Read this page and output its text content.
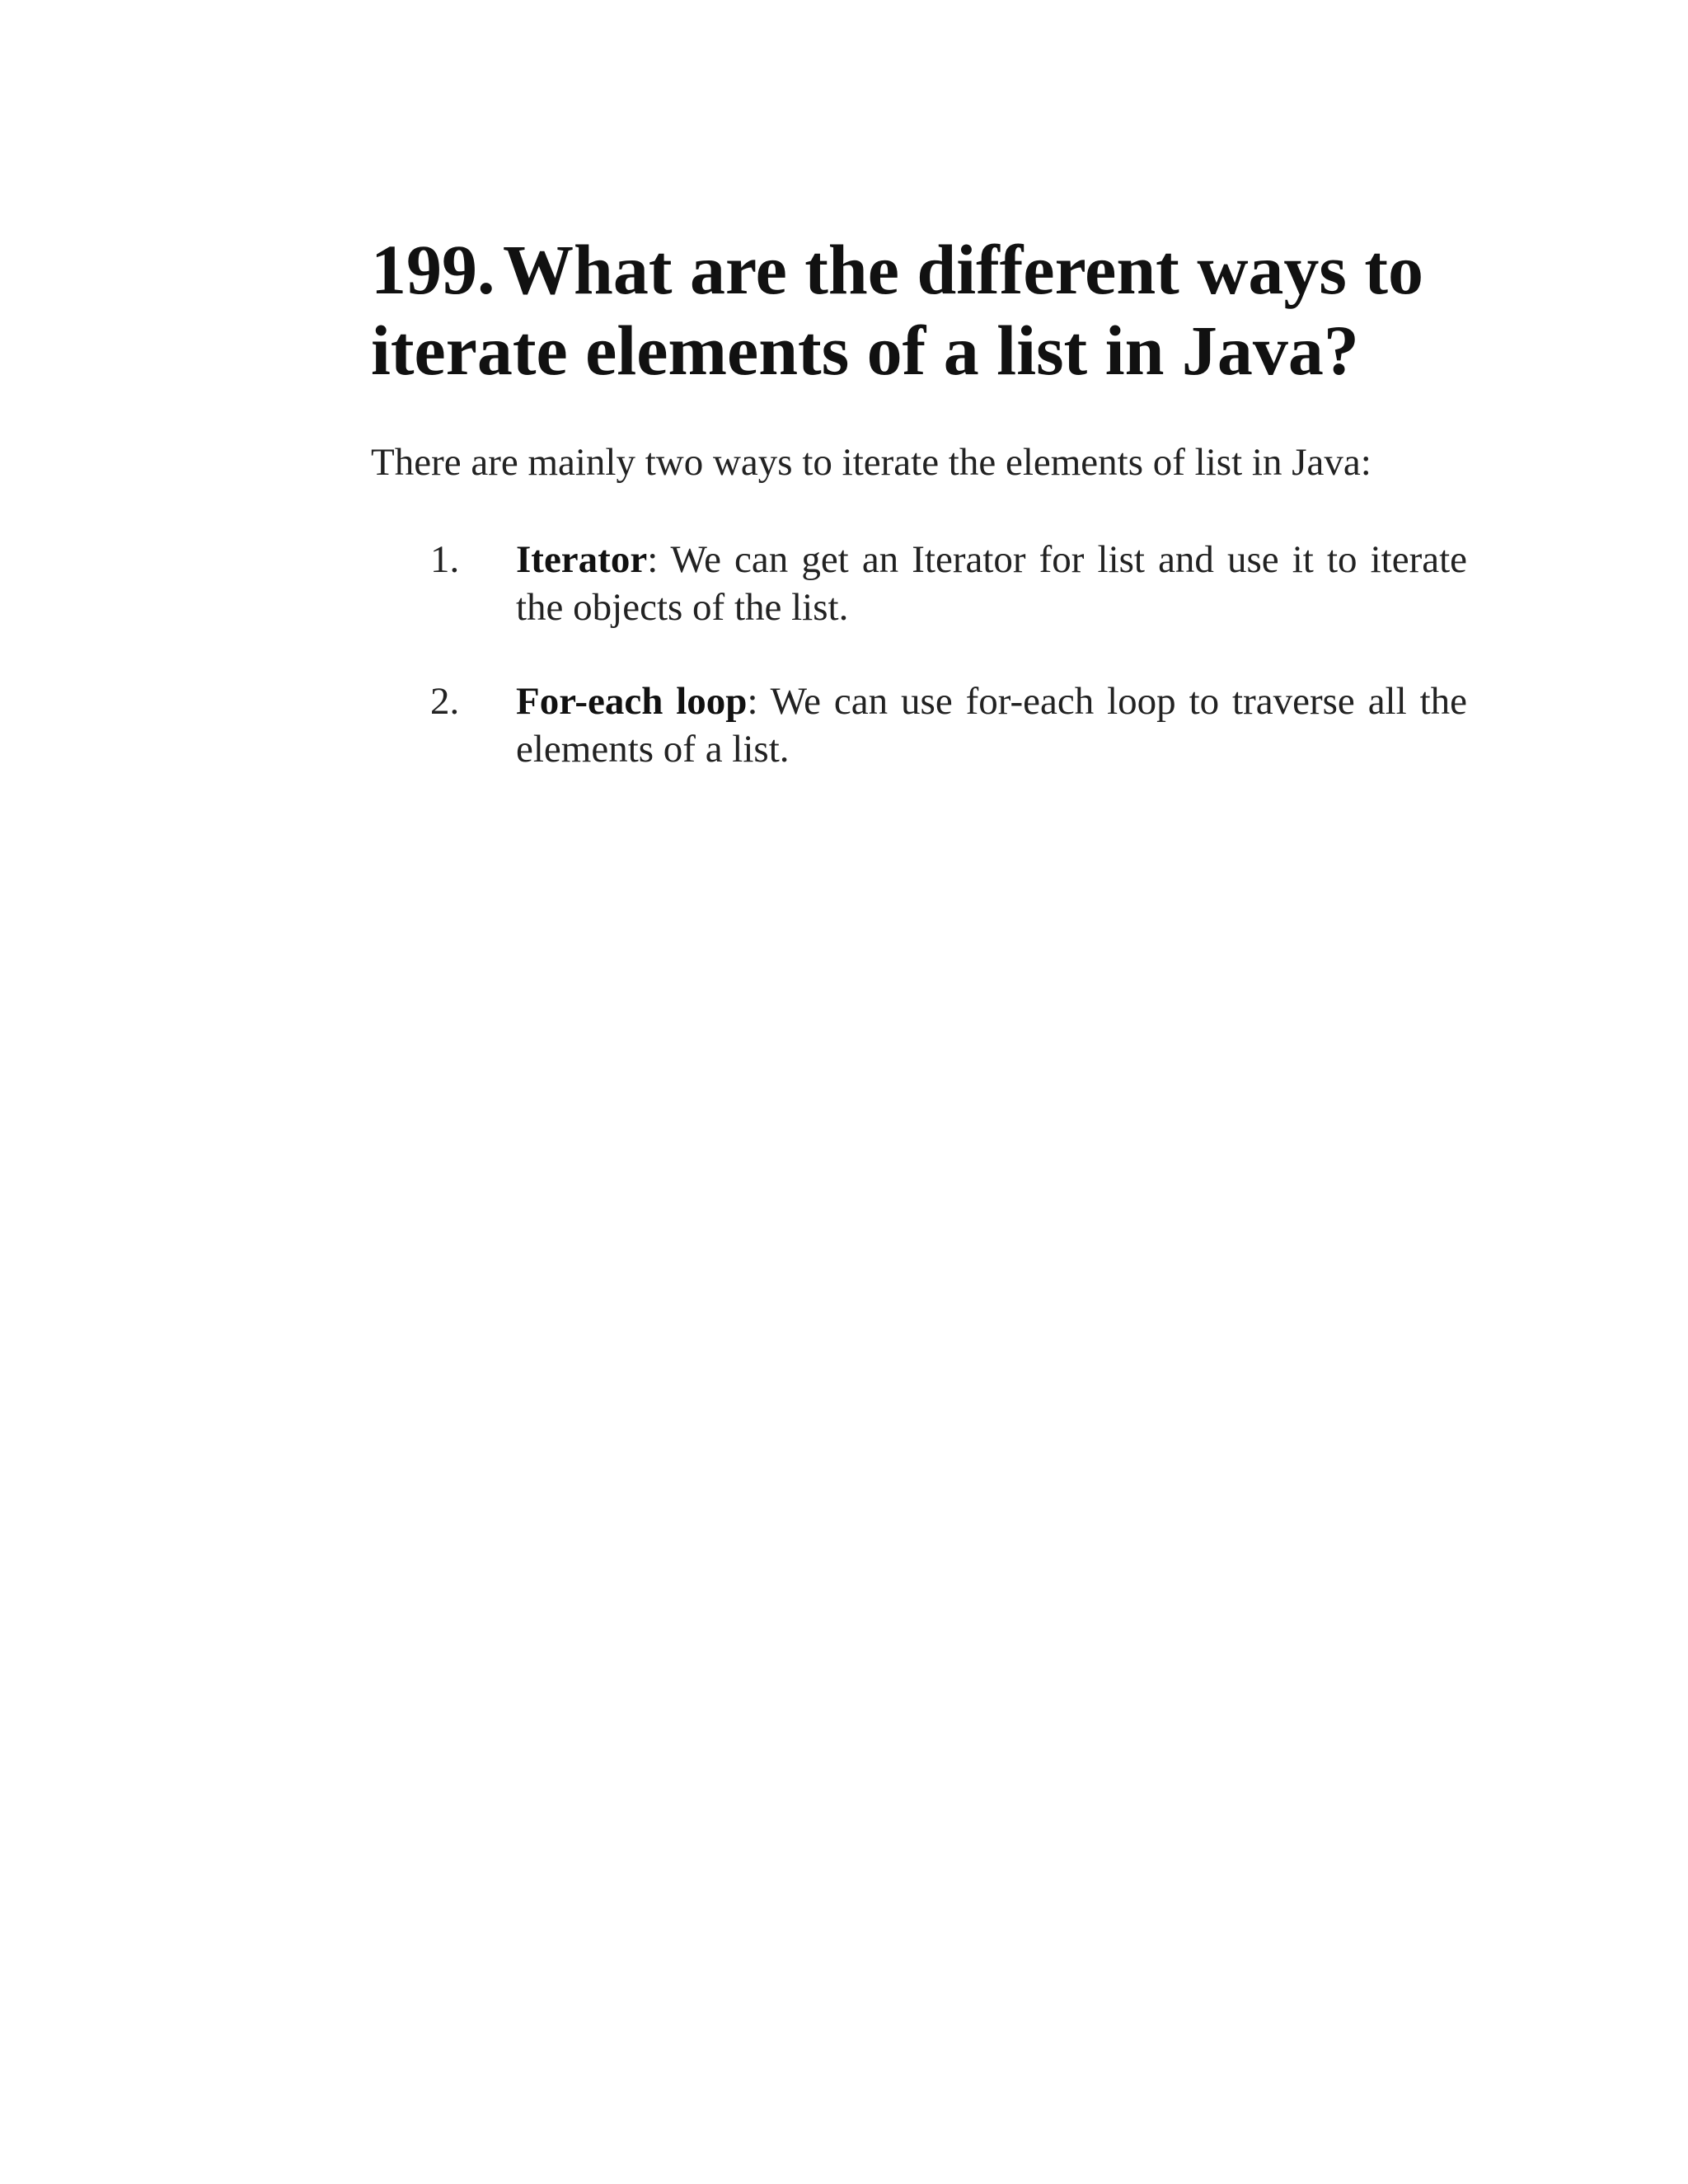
199. What are the different ways to iterate elements of a list in Java?

There are mainly two ways to iterate the elements of list in Java:

1. Iterator: We can get an Iterator for list and use it to iterate the objects of the list.
2. For-each loop: We can use for-each loop to traverse all the elements of a list.
